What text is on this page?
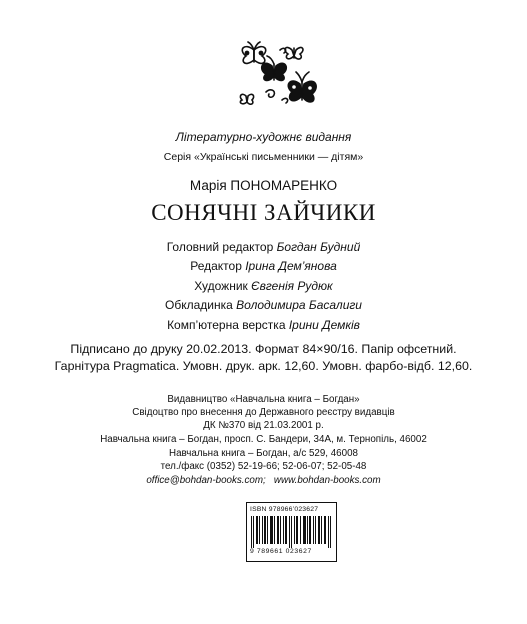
Літературно-художнє видання
Серія «Українські письменники — дітям»
Марія ПОНОМАРЕНКО
СОНЯЧНІ ЗАЙЧИКИ
Головний редактор Богдан Будний
Редактор Ірина Дем’янова
Художник Євгенія Рудюк
Обкладинка Володимира Басалиги
Комп’ютерна верстка Ірини Демків
Підписано до друку 20.02.2013. Формат 84×90/16. Папір офсетний.
Гарнітура Pragmatica. Умовн. друк. арк. 12,60. Умовн. фарбо-відб. 12,60.
Видавництво «Навчальна книга – Богдан»
Свідоцтво про внесення до Державного реєстру видавців
ДК №370 від 21.03.2001 р.
Навчальна книга – Богдан, просп. С. Бандери, 34А, м. Тернопіль, 46002
Навчальна книга – Богдан, а/с 529, 46008
тел./факс (0352) 52-19-66; 52-06-07; 52-05-48
office@bohdan-books.com; www.bohdan-books.com
ISBN 978966’023627
9 789661 023627
